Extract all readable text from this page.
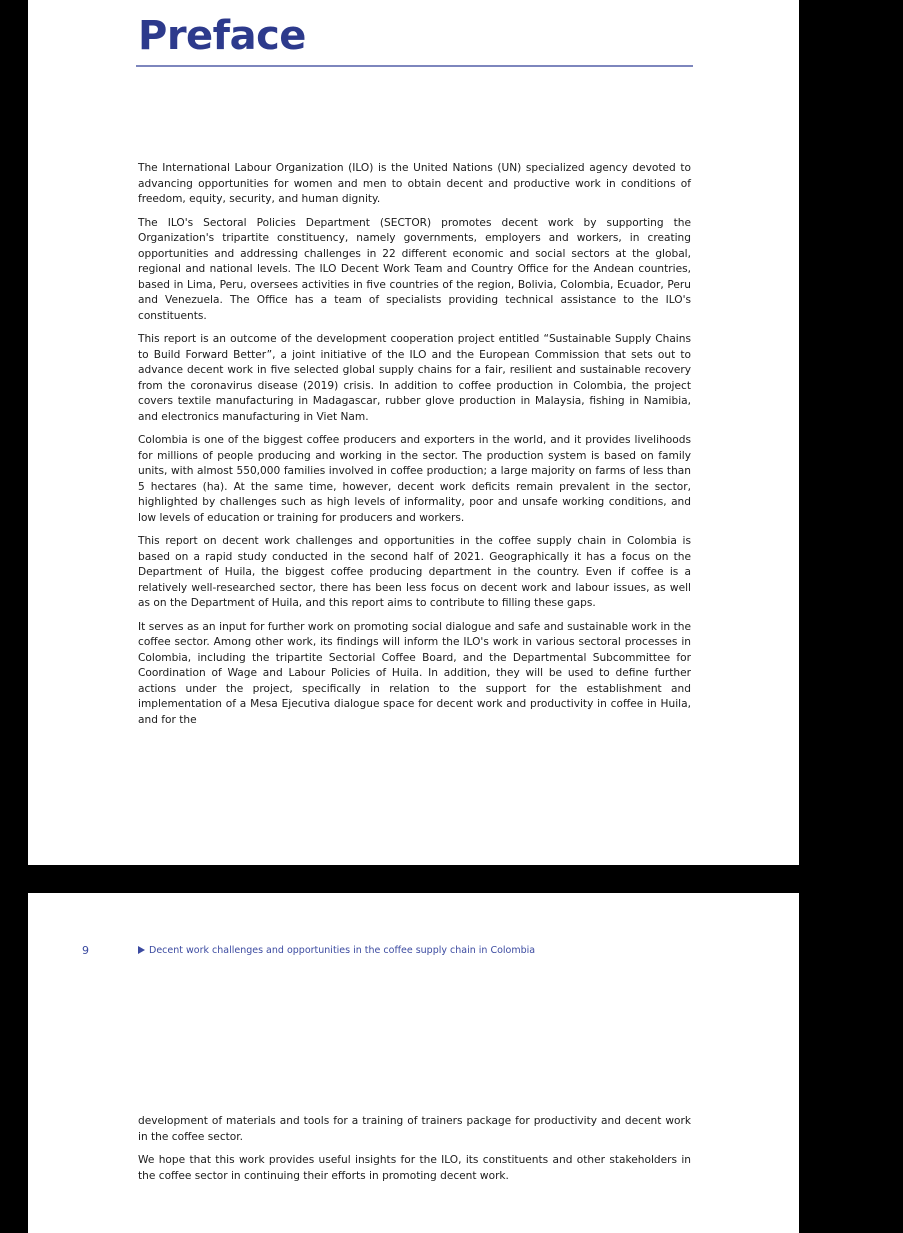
Preface

The International Labour Organization (ILO) is the United Nations (UN) specialized agency devoted to advancing opportunities for women and men to obtain decent and productive work in conditions of freedom, equity, security, and human dignity.

The ILO's Sectoral Policies Department (SECTOR) promotes decent work by supporting the Organization's tripartite constituency, namely governments, employers and workers, in creating opportunities and addressing challenges in 22 different economic and social sectors at the global, regional and national levels. The ILO Decent Work Team and Country Office for the Andean countries, based in Lima, Peru, oversees activities in five countries of the region, Bolivia, Colombia, Ecuador, Peru and Venezuela. The Office has a team of specialists providing technical assistance to the ILO's constituents.

This report is an outcome of the development cooperation project entitled “Sustainable Supply Chains to Build Forward Better”, a joint initiative of the ILO and the European Commission that sets out to advance decent work in five selected global supply chains for a fair, resilient and sustainable recovery from the coronavirus disease (2019) crisis. In addition to coffee production in Colombia, the project covers textile manufacturing in Madagascar, rubber glove production in Malaysia, fishing in Namibia, and electronics manufacturing in Viet Nam.

Colombia is one of the biggest coffee producers and exporters in the world, and it provides livelihoods for millions of people producing and working in the sector. The production system is based on family units, with almost 550,000 families involved in coffee production; a large majority on farms of less than 5 hectares (ha). At the same time, however, decent work deficits remain prevalent in the sector, highlighted by challenges such as high levels of informality, poor and unsafe working conditions, and low levels of education or training for producers and workers.

This report on decent work challenges and opportunities in the coffee supply chain in Colombia is based on a rapid study conducted in the second half of 2021. Geographically it has a focus on the Department of Huila, the biggest coffee producing department in the country. Even if coffee is a relatively well-researched sector, there has been less focus on decent work and labour issues, as well as on the Department of Huila, and this report aims to contribute to filling these gaps.

It serves as an input for further work on promoting social dialogue and safe and sustainable work in the coffee sector. Among other work, its findings will inform the ILO's work in various sectoral processes in Colombia, including the tripartite Sectorial Coffee Board, and the Departmental Subcommittee for Coordination of Wage and Labour Policies of Huila. In addition, they will be used to define further actions under the project, specifically in relation to the support for the establishment and implementation of a Mesa Ejecutiva dialogue space for decent work and productivity in coffee in Huila, and for the

9	Decent work challenges and opportunities in the coffee supply chain in Colombia

development of materials and tools for a training of trainers package for productivity and decent work in the coffee sector.

We hope that this work provides useful insights for the ILO, its constituents and other stakeholders in the coffee sector in continuing their efforts in promoting decent work.
